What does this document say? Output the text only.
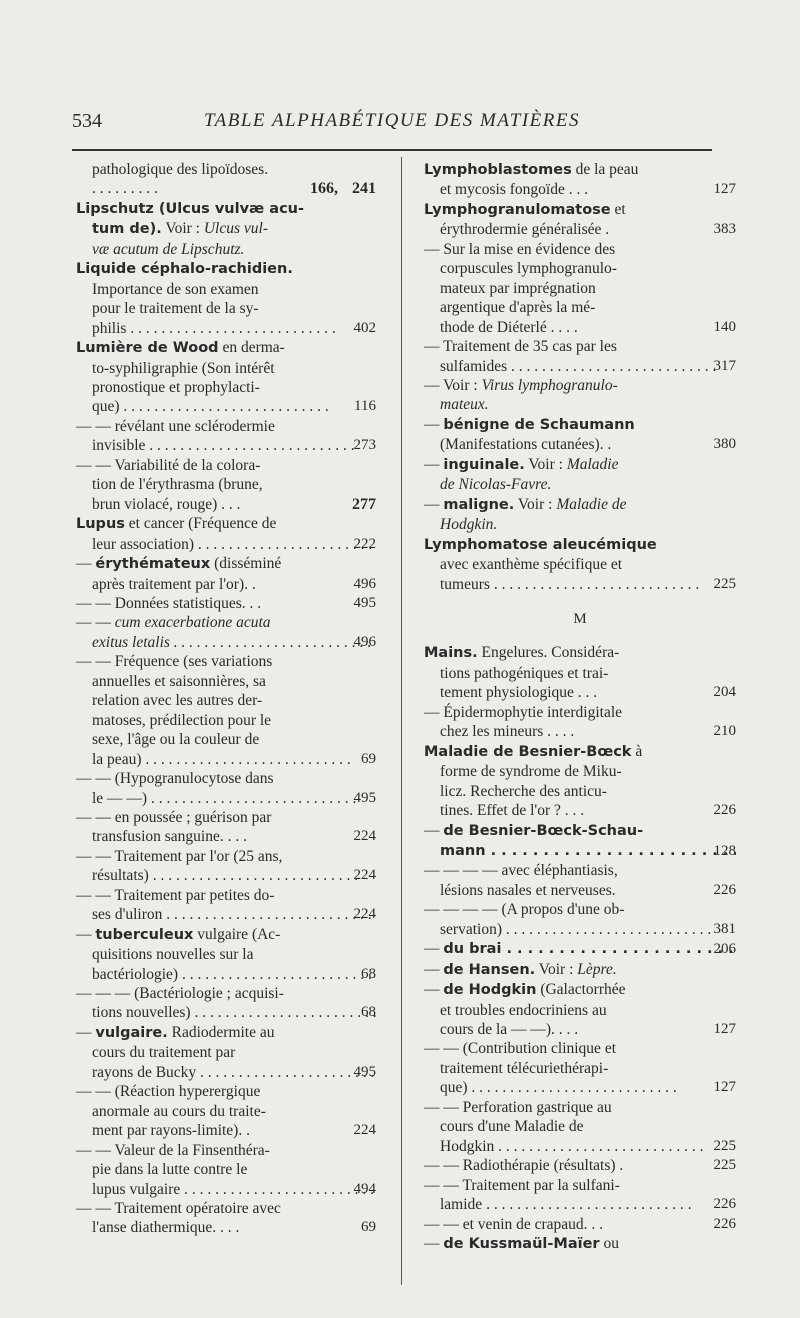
534	TABLE ALPHABÉTIQUE DES MATIÈRES
pathologique des lipoïdoses.
. . . . . . . . .	166, 241
Lipschutz (Ulcus vulvæ acu-
tum de). Voir : Ulcus vul-
væ acutum de Lipschutz.
Liquide céphalo-rachidien.
Importance de son examen
pour le traitement de la sy-
philis . . .	402
Lumière de Wood en derma-
to-syphiligraphie (Son intérêt
pronostique et prophylacti-
que) . . .	116
— — révélant une sclérodermie
invisible . . .	273
— — Variabilité de la colora-
tion de l'érythrasma (brune,
brun violacé, rouge) . . .	277
Lupus et cancer (Fréquence de
leur association) . . .	222
— érythémateux (disséminé
après traitement par l'or). .	496
— — Données statistiques. . .	495
— — cum exacerbatione acuta
exitus letalis . . .	496
— — Fréquence (ses variations
annuelles et saisonnières, sa
relation avec les autres der-
matoses, prédilection pour le
sexe, l'âge ou la couleur de
la peau) . . .	69
— — (Hypogranulocytose dans
le — —) . . .	495
— — en poussée ; guérison par
transfusion sanguine. . . .	224
— — Traitement par l'or (25 ans,
résultats) . . .	224
— — Traitement par petites do-
ses d'uliron . . .	224
— tuberculeux vulgaire (Ac-
quisitions nouvelles sur la
bactériologie) . . .	68
— — — (Bactériologie ; acquisi-
tions nouvelles) . . .	68
— vulgaire. Radiodermite au
cours du traitement par
rayons de Bucky . . .	495
— — (Réaction hyperergique
anormale au cours du traite-
ment par rayons-limite). .	224
— — Valeur de la Finsenthéra-
pie dans la lutte contre le
lupus vulgaire . . .	494
— — Traitement opératoire avec
l'anse diathermique. . . .	69
Lymphoblastomes de la peau
et mycosis fongoïde . . .	127
Lymphogranulomatose et
érythrodermie généralisée .	383
— Sur la mise en évidence des
corpuscules lymphogranulo-
mateux par imprégnation
argentique d'après la mé-
thode de Diéterlé . . . .	140
— Traitement de 35 cas par les
sulfamides . . .	317
— Voir : Virus lymphogranulo-
mateux.
— bénigne de Schaumann
(Manifestations cutanées). .	380
— inguinale. Voir : Maladie
de Nicolas-Favre.
— maligne. Voir : Maladie de
Hodgkin.
Lymphomatose aleucémique
avec exanthème spécifique et
tumeurs . . .	225
M
Mains. Engelures. Considéra-
tions pathogéniques et trai-
tement physiologique . . .	204
— Épidermophytie interdigitale
chez les mineurs . . . .	210
Maladie de Besnier-Bœck à
forme de syndrome de Miku-
licz. Recherche des anticu-
tines. Effet de l'or ? . . .	226
— de Besnier-Bœck-Schau-
mann . . .	128
— — — — avec éléphantiasis,
lésions nasales et nerveuses.	226
— — — — (A propos d'une ob-
servation) . . .	381
— du brai . . .	206
— de Hansen. Voir : Lèpre.
— de Hodgkin (Galactorrhée
et troubles endocriniens au
cours de la — —). . . .	127
— — (Contribution clinique et
traitement télécuriethérapi-
que) . . .	127
— — Perforation gastrique au
cours d'une Maladie de
Hodgkin . . .	225
— — Radiothérapie (résultats) .	225
— — Traitement par la sulfani-
lamide . . .	226
— — et venin de crapaud. . .	226
— de Kussmaül-Maïer ou
